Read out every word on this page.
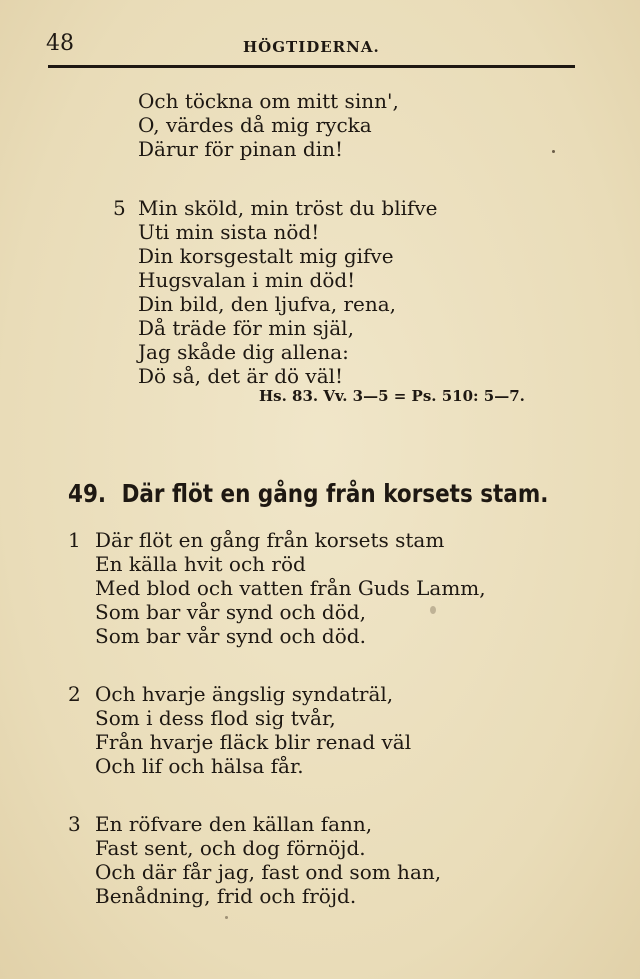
48	HÖGTIDERNA.
Och töckna om mitt sinn',
O, värdes då mig rycka
Därur för pinan din!
5 Min sköld, min tröst du blifve
Uti min sista nöd!
Din korsgestalt mig gifve
Hugsvalan i min död!
Din bild, den ljufva, rena,
Då träde för min själ,
Jag skåde dig allena:
Dö så, det är dö väl!
Hs. 83. Vv. 3—5 = Ps. 510: 5—7.
49. Där flöt en gång från korsets stam.
1 Där flöt en gång från korsets stam
En källa hvit och röd
Med blod och vatten från Guds Lamm,
Som bar vår synd och död,
Som bar vår synd och död.
2 Och hvarje ängslig syndaträl,
Som i dess flod sig tvår,
Från hvarje fläck blir renad väl
Och lif och hälsa får.
3 En röfvare den källan fann,
Fast sent, och dog förnöjd.
Och där får jag, fast ond som han,
Benådning, frid och fröjd.
